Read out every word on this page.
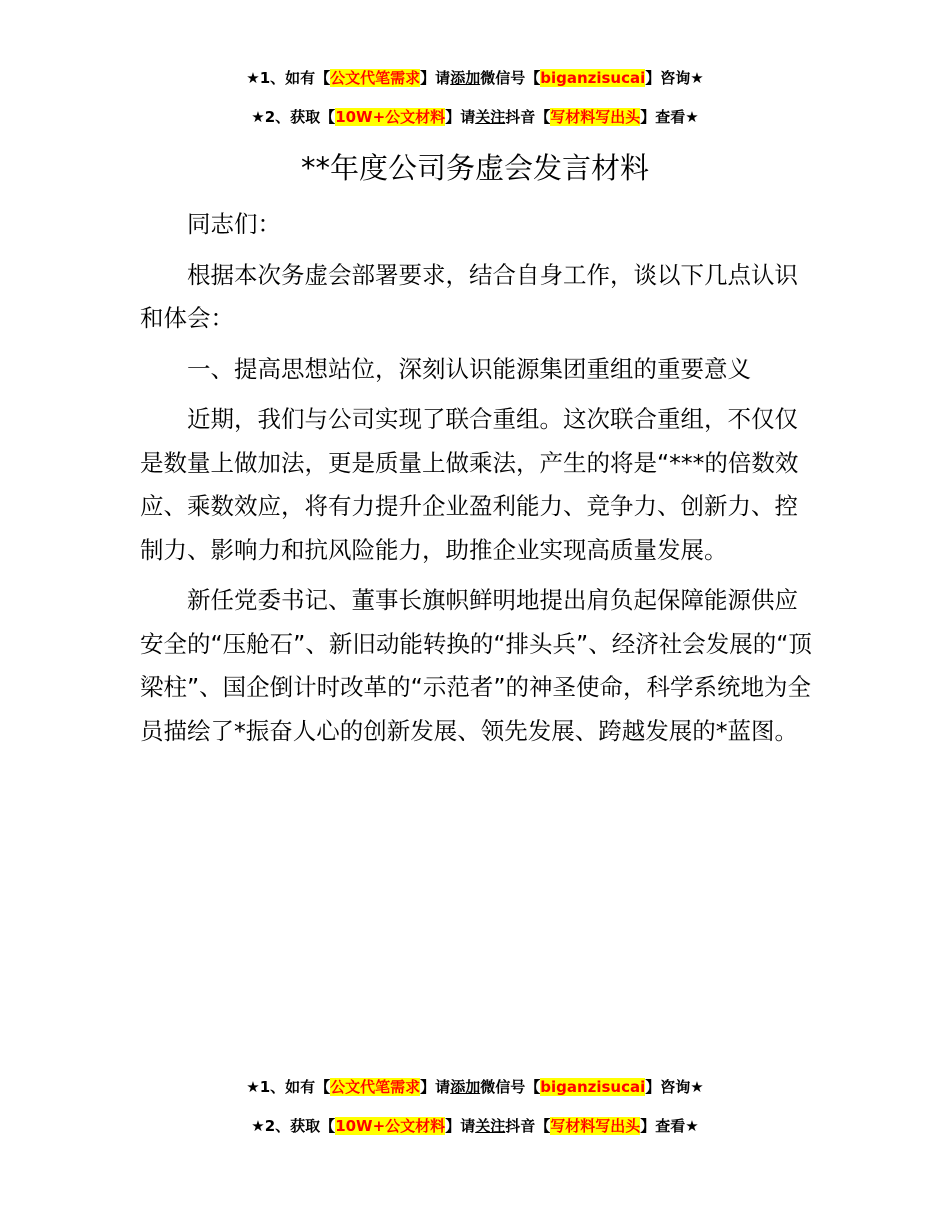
★1、如有【公文代笔需求】请添加微信号【biganzisucai】咨询★
★2、获取【10W+公文材料】请关注抖音【写材料写出头】查看★
**年度公司务虚会发言材料

同志们：

根据本次务虚会部署要求，结合自身工作，谈以下几点认识和体会：

一、提高思想站位，深刻认识能源集团重组的重要意义

近期，我们与公司实现了联合重组。这次联合重组，不仅仅是数量上做加法，更是质量上做乘法，产生的将是“***的倍数效应、乘数效应，将有力提升企业盈利能力、竞争力、创新力、控制力、影响力和抗风险能力，助推企业实现高质量发展。

新任党委书记、董事长旗帜鲜明地提出肩负起保障能源供应安全的“压舱石”、新旧动能转换的“排头兵”、经济社会发展的“顶梁柱”、国企倒计时改革的“示范者”的神圣使命，科学系统地为全员描绘了*振奋人心的创新发展、领先发展、跨越发展的*蓝图。

★1、如有【公文代笔需求】请添加微信号【biganzisucai】咨询★
★2、获取【10W+公文材料】请关注抖音【写材料写出头】查看★
